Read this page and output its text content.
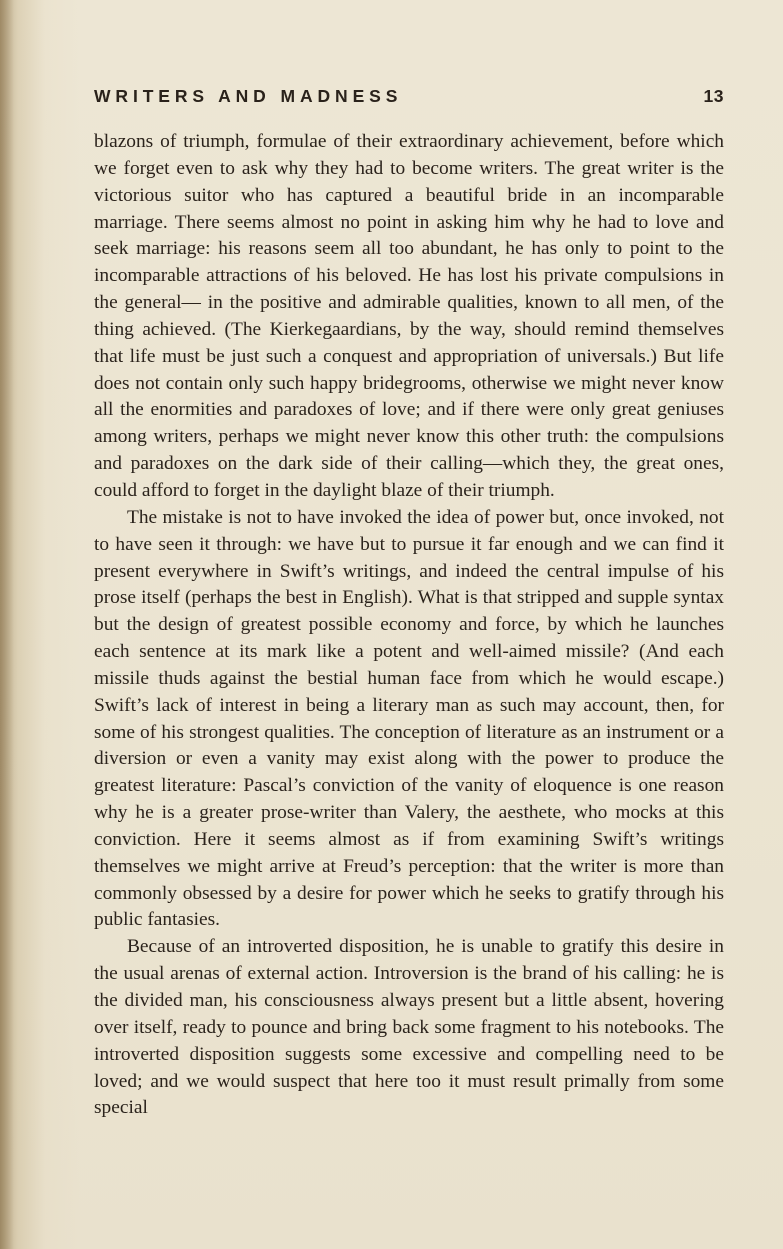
WRITERS AND MADNESS	13

blazons of triumph, formulae of their extraordinary achievement, before which we forget even to ask why they had to become writers. The great writer is the victorious suitor who has captured a beautiful bride in an incomparable marriage. There seems almost no point in asking him why he had to love and seek marriage: his reasons seem all too abundant, he has only to point to the incomparable attractions of his beloved. He has lost his private compulsions in the general— in the positive and admirable qualities, known to all men, of the thing achieved. (The Kierkegaardians, by the way, should remind themselves that life must be just such a conquest and appropriation of universals.) But life does not contain only such happy bridegrooms, otherwise we might never know all the enormities and paradoxes of love; and if there were only great geniuses among writers, perhaps we might never know this other truth: the compulsions and paradoxes on the dark side of their calling—which they, the great ones, could afford to forget in the daylight blaze of their triumph.

The mistake is not to have invoked the idea of power but, once invoked, not to have seen it through: we have but to pursue it far enough and we can find it present everywhere in Swift’s writings, and indeed the central impulse of his prose itself (perhaps the best in English). What is that stripped and supple syntax but the design of greatest possible economy and force, by which he launches each sentence at its mark like a potent and well-aimed missile? (And each missile thuds against the bestial human face from which he would escape.) Swift’s lack of interest in being a literary man as such may account, then, for some of his strongest qualities. The conception of literature as an instrument or a diversion or even a vanity may exist along with the power to produce the greatest literature: Pascal’s conviction of the vanity of eloquence is one reason why he is a greater prose-writer than Valery, the aesthete, who mocks at this conviction. Here it seems almost as if from examining Swift’s writings themselves we might arrive at Freud’s perception: that the writer is more than commonly obsessed by a desire for power which he seeks to gratify through his public fantasies.

Because of an introverted disposition, he is unable to gratify this desire in the usual arenas of external action. Introversion is the brand of his calling: he is the divided man, his consciousness always present but a little absent, hovering over itself, ready to pounce and bring back some fragment to his notebooks. The introverted disposition suggests some excessive and compelling need to be loved; and we would suspect that here too it must result primally from some special
